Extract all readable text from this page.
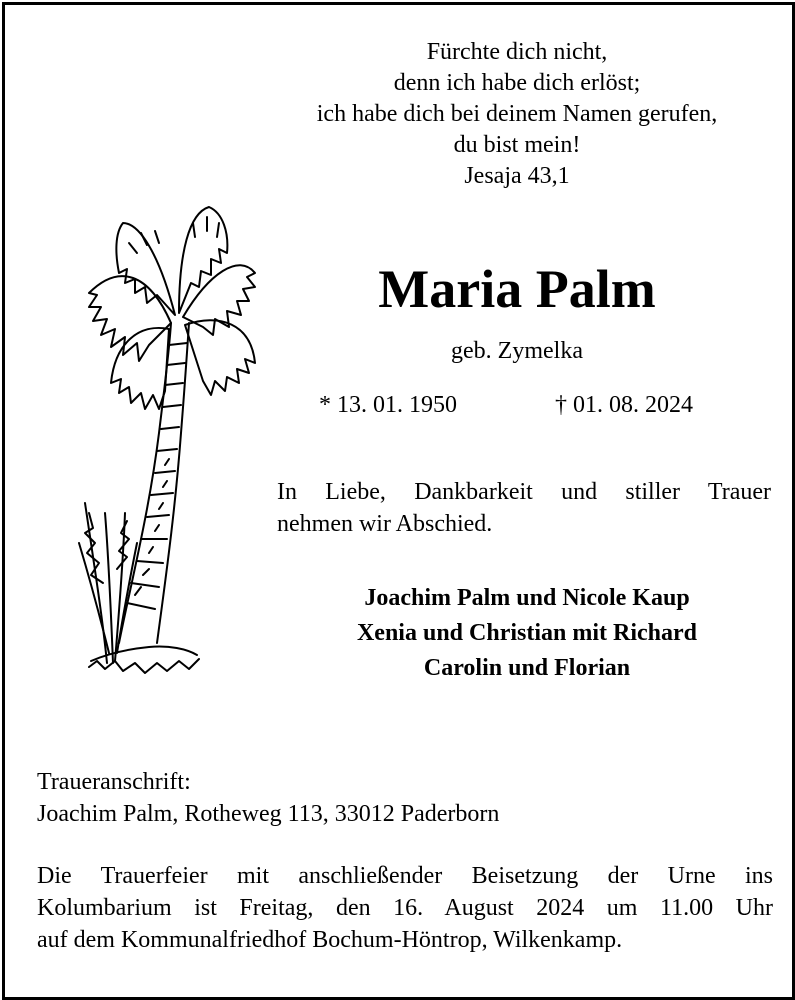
Fürchte dich nicht,
denn ich habe dich erlöst;
ich habe dich bei deinem Namen gerufen,
du bist mein!
Jesaja 43,1
Maria Palm
geb. Zymelka
* 13. 01. 1950	† 01. 08. 2024
In Liebe, Dankbarkeit und stiller Trauer
nehmen wir Abschied.
Joachim Palm und Nicole Kaup
Xenia und Christian mit Richard
Carolin und Florian
Traueranschrift:
Joachim Palm, Rotheweg 113, 33012 Paderborn
Die Trauerfeier mit anschließender Beisetzung der Urne ins
Kolumbarium ist Freitag, den 16. August 2024 um 11.00 Uhr
auf dem Kommunalfriedhof Bochum-Höntrop, Wilkenkamp.
